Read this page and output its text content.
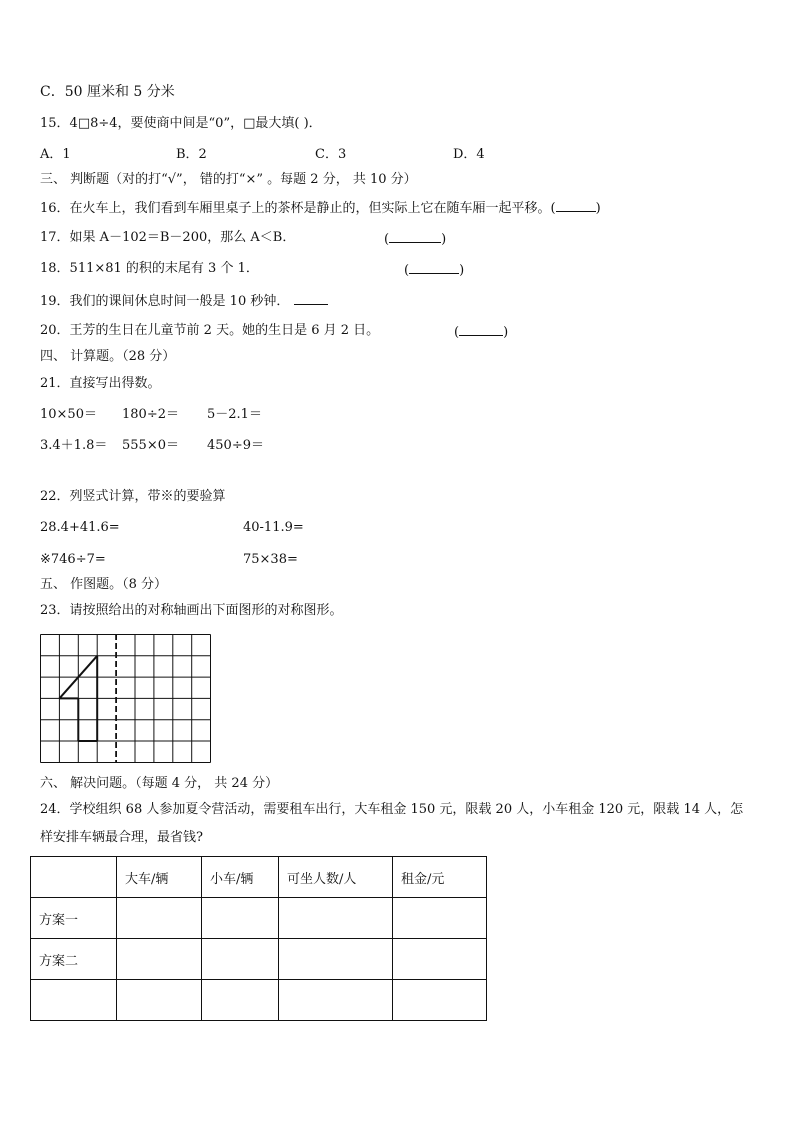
C．50 厘米和 5 分米
15．4□8÷4，要使商中间是“0”，□最大填( )．
A．1	B．2	C．3	D．4
三、 判断题（对的打“√”， 错的打“×” 。每题 2 分， 共 10 分）
16．在火车上，我们看到车厢里桌子上的茶杯是静止的，但实际上它在随车厢一起平移。(	)
17．如果 A－102＝B－200，那么 A＜B．	(	)
18．511×81 的积的末尾有 3 个 1．	(	)
19．我们的课间休息时间一般是 10 秒钟．
20．王芳的生日在儿童节前 2 天。她的生日是 6 月 2 日。	(	)
四、 计算题。（28 分）
21．直接写出得数。
10×50＝ 180÷2＝ 5－2.1＝
3.4＋1.8＝ 555×0＝ 450÷9＝
22．列竖式计算，带※的要验算
28.4+41.6=	40-11.9=
※746÷7=	75×38=
五、 作图题。（8 分）
23．请按照给出的对称轴画出下面图形的对称图形。
六、 解决问题。（每题 4 分， 共 24 分）
24．学校组织 68 人参加夏令营活动，需要租车出行，大车租金 150 元，限载 20 人，小车租金 120 元，限载 14 人，怎
样安排车辆最合理，最省钱?
	大车/辆	小车/辆	可坐人数/人	租金/元
方案一				
方案二				
